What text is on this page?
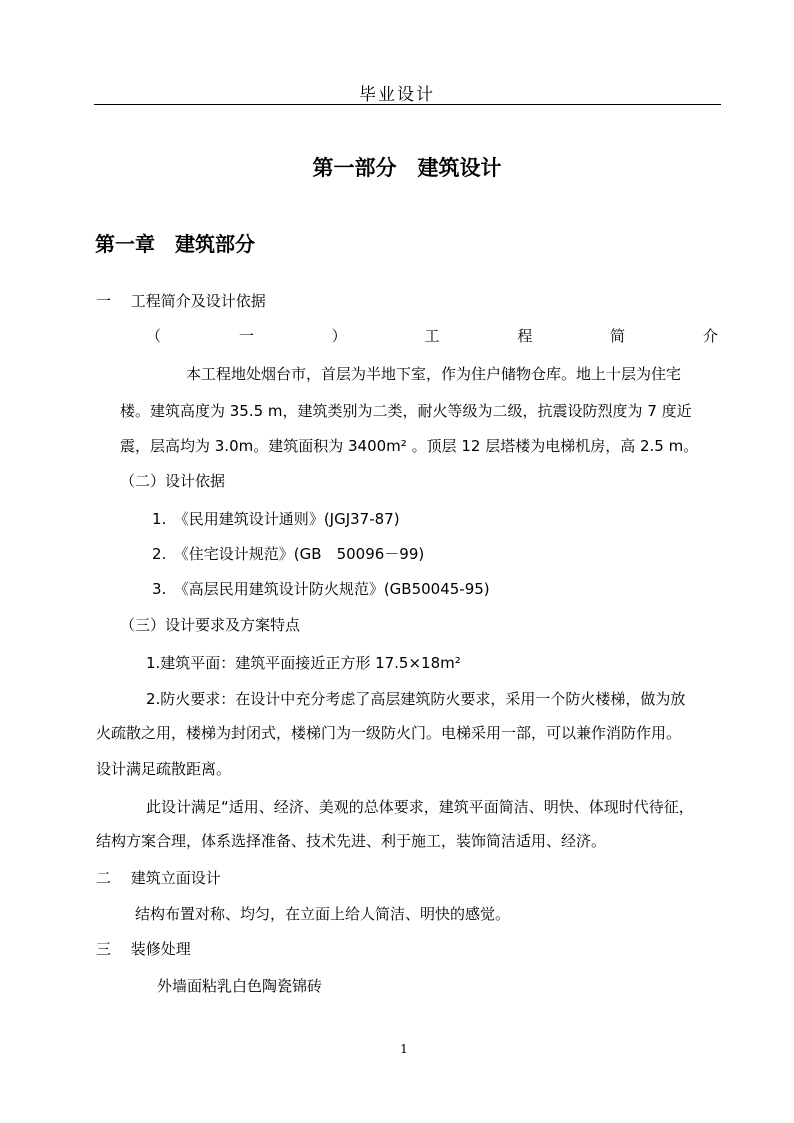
毕业设计
第一部分　建筑设计
第一章　建筑部分
一　 工程简介及设计依据
（	一	）	工	程	简	介
本工程地处烟台市，首层为半地下室，作为住户储物仓库。地上十层为住宅
楼。建筑高度为 35.5 m，建筑类别为二类，耐火等级为二级，抗震设防烈度为 7 度近
震，层高均为 3.0m。建筑面积为 3400m² 。顶层 12 层塔楼为电梯机房，高 2.5 m。
（二）设计依据
1.　《民用建筑设计通则》(JGJ37-87)
2.　《住宅设计规范》(GB　50096－99)
3.　《高层民用建筑设计防火规范》(GB50045-95)
（三）设计要求及方案特点
1.建筑平面：建筑平面接近正方形 17.5×18m²
2.防火要求：在设计中充分考虑了高层建筑防火要求，采用一个防火楼梯，做为放
火疏散之用，楼梯为封闭式，楼梯门为一级防火门。电梯采用一部，可以兼作消防作用。
设计满足疏散距离。
此设计满足“适用、经济、美观的总体要求，建筑平面简洁、明快、体现时代待征，
结构方案合理，体系选择准备、技术先进、利于施工，装饰简洁适用、经济。
二　 建筑立面设计
结构布置对称、均匀，在立面上给人简洁、明快的感觉。
三　 装修处理
外墙面粘乳白色陶瓷锦砖
1
